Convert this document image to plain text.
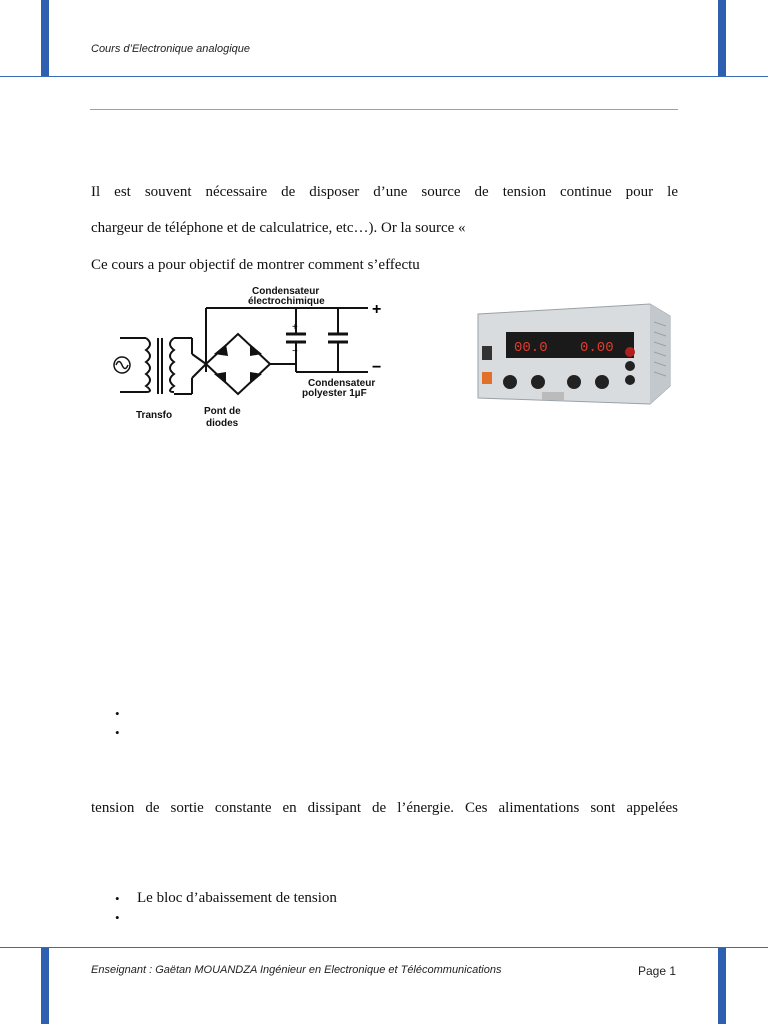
Cours d’Electronique analogique
Il est souvent nécessaire de disposer d’une source de tension continue pour le
chargeur de téléphone et de calculatrice, etc…). Or la source «
Ce cours a pour objectif de montrer comment s’effectu
Condensateur
électrochimique	+
−
+
−
Condensateur
polyester 1µF
Transfo	Pont de
diodes
00.0 0.00
•
•
tension de sortie constante en dissipant de l’énergie. Ces alimentations sont appelées
• Le bloc d’abaissement de tension
•
Enseignant : Gaëtan MOUANDZA Ingénieur en Electronique et Télécommunications	Page 1
